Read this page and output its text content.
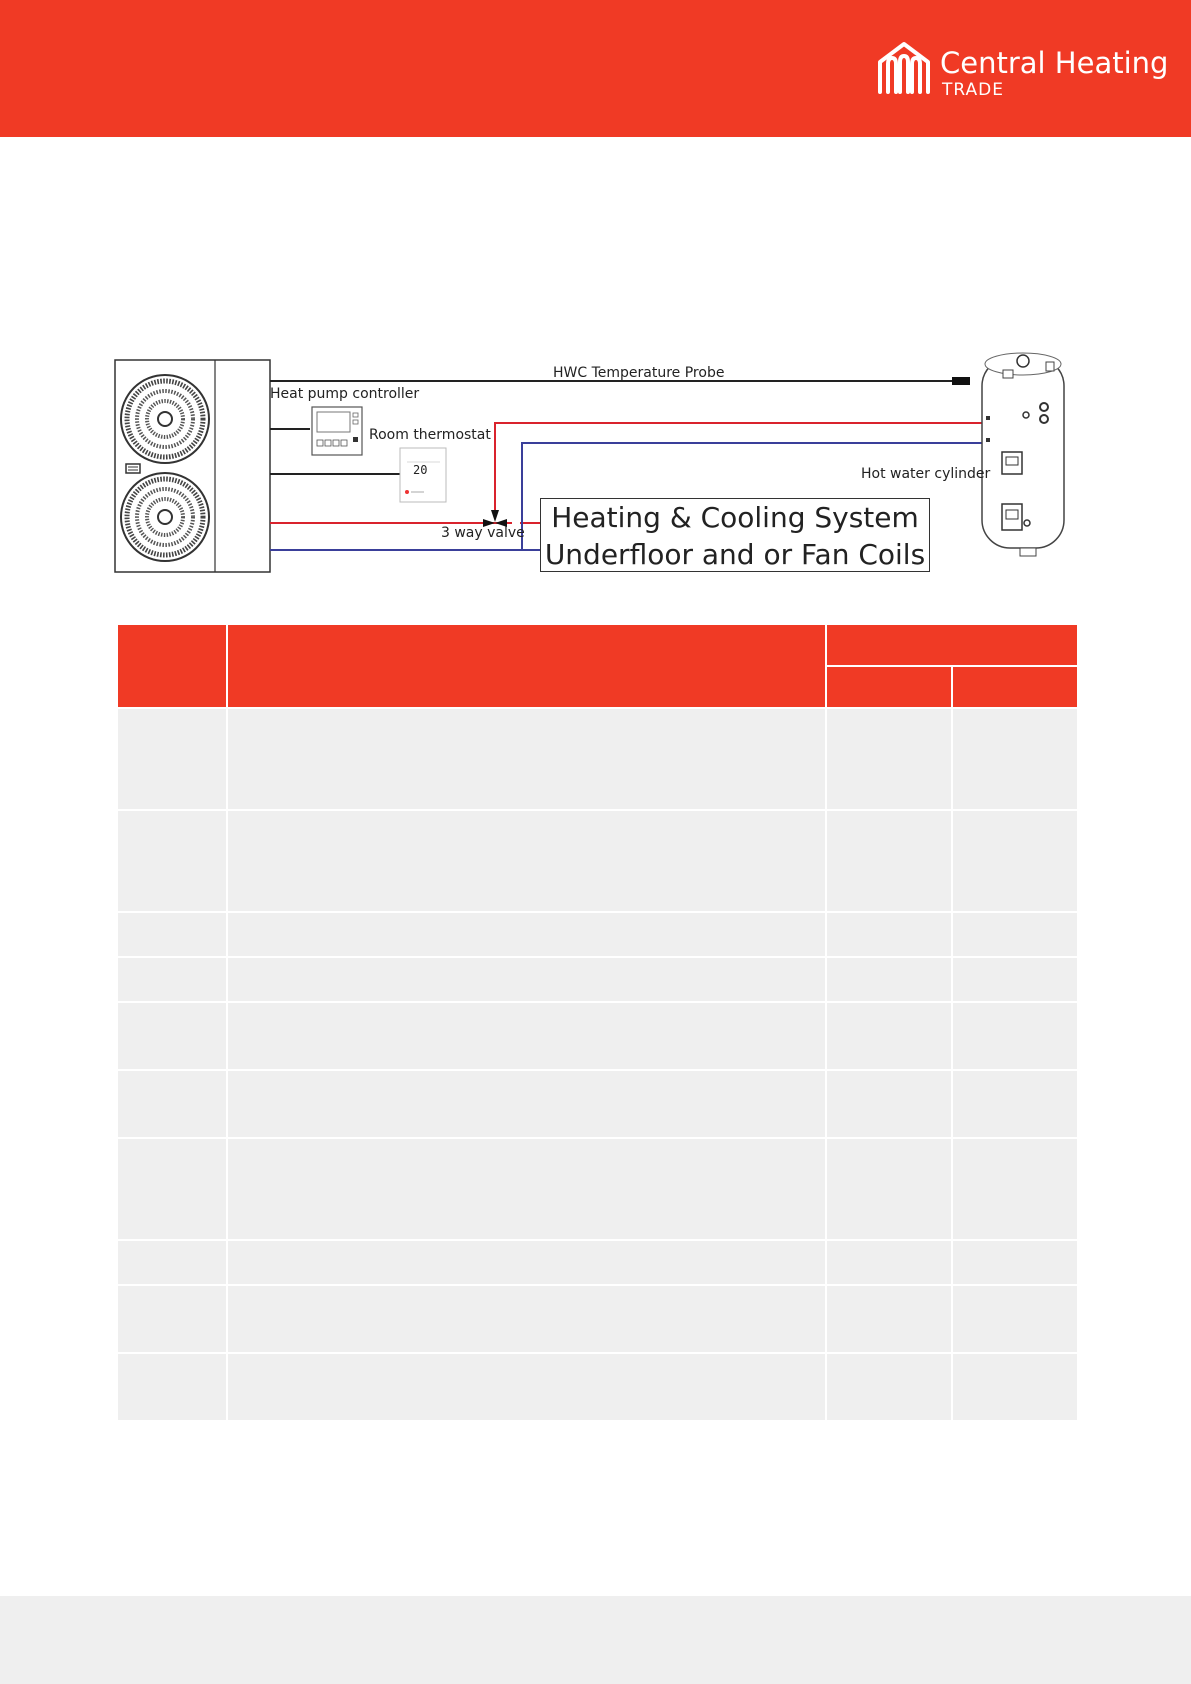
Central Heating
TRADE
20
HWC Temperature Probe
Heat pump controller
Room thermostat
Hot water cylinder
3 way valve Heating & Cooling System
Underfloor and or Fan Coils
